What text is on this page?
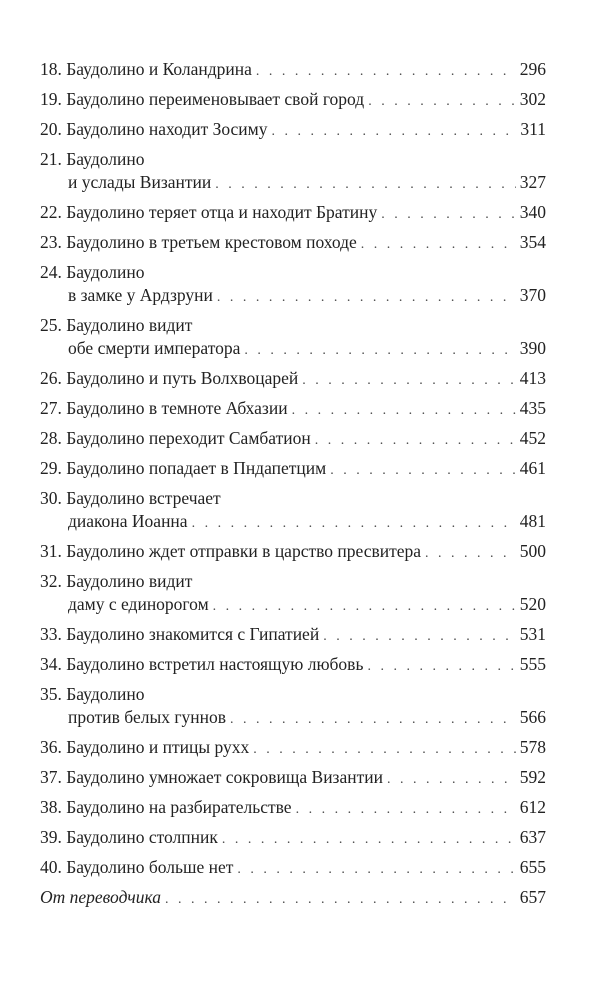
18. Баудолино и Коландрина . . .	296
19. Баудолино переименовывает свой город . . .	302
20. Баудолино находит Зосиму . . .	311
21. Баудолино
и услады Византии . . .	327
22. Баудолино теряет отца и находит Братину . . .	340
23. Баудолино в третьем крестовом походе . . .	354
24. Баудолино
в замке у Ардзруни . . .	370
25. Баудолино видит
обе смерти императора . . .	390
26. Баудолино и путь Волхвоцарей . . .	413
27. Баудолино в темноте Абхазии . . .	435
28. Баудолино переходит Самбатион . . .	452
29. Баудолино попадает в Пндапетцим . . .	461
30. Баудолино встречает
диакона Иоанна . . .	481
31. Баудолино ждет отправки в царство пресвитера . . .	500
32. Баудолино видит
даму с единорогом . . .	520
33. Баудолино знакомится с Гипатией . . .	531
34. Баудолино встретил настоящую любовь . . .	555
35. Баудолино
против белых гуннов . . .	566
36. Баудолино и птицы рухх . . .	578
37. Баудолино умножает сокровища Византии . . .	592
38. Баудолино на разбирательстве . . .	612
39. Баудолино столпник . . .	637
40. Баудолино больше нет . . .	655
От переводчика . . .	657
